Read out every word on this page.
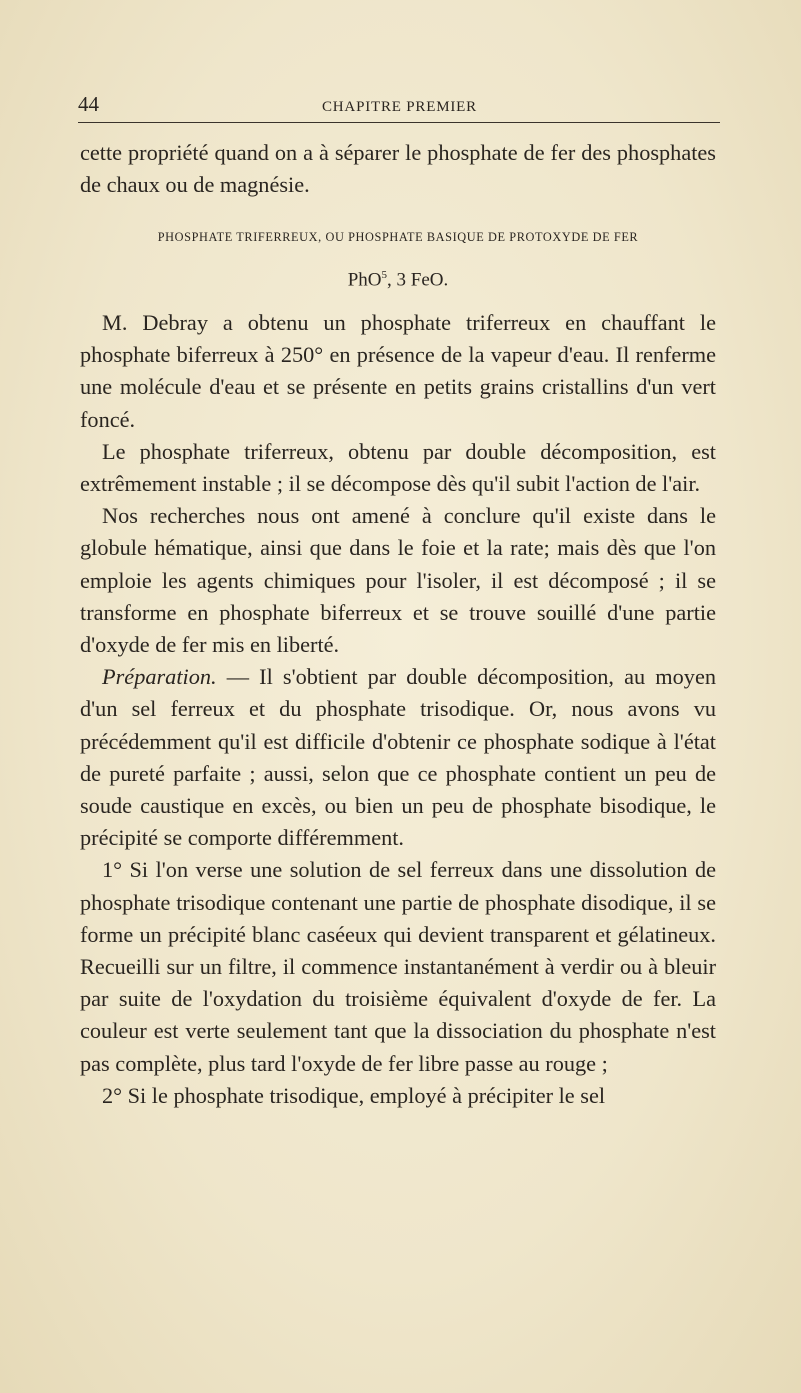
44	CHAPITRE PREMIER

cette propriété quand on a à séparer le phosphate de fer des phosphates de chaux ou de magnésie.

PHOSPHATE TRIFERREUX, OU PHOSPHATE BASIQUE DE PROTOXYDE DE FER
PhO$^5$, 3 FeO.

M. Debray a obtenu un phosphate triferreux en chauffant le phosphate biferreux à 250° en présence de la vapeur d'eau. Il renferme une molécule d'eau et se présente en petits grains cristallins d'un vert foncé.

Le phosphate triferreux, obtenu par double décomposition, est extrêmement instable ; il se décompose dès qu'il subit l'action de l'air.

Nos recherches nous ont amené à conclure qu'il existe dans le globule hématique, ainsi que dans le foie et la rate; mais dès que l'on emploie les agents chimiques pour l'isoler, il est décomposé ; il se transforme en phosphate biferreux et se trouve souillé d'une partie d'oxyde de fer mis en liberté.

Préparation. — Il s'obtient par double décomposition, au moyen d'un sel ferreux et du phosphate trisodique. Or, nous avons vu précédemment qu'il est difficile d'obtenir ce phosphate sodique à l'état de pureté parfaite ; aussi, selon que ce phosphate contient un peu de soude caustique en excès, ou bien un peu de phosphate bisodique, le précipité se comporte différemment.

1° Si l'on verse une solution de sel ferreux dans une dissolution de phosphate trisodique contenant une partie de phosphate disodique, il se forme un précipité blanc caséeux qui devient transparent et gélatineux. Recueilli sur un filtre, il commence instantanément à verdir ou à bleuir par suite de l'oxydation du troisième équivalent d'oxyde de fer. La couleur est verte seulement tant que la dissociation du phosphate n'est pas complète, plus tard l'oxyde de fer libre passe au rouge ;

2° Si le phosphate trisodique, employé à précipiter le sel
